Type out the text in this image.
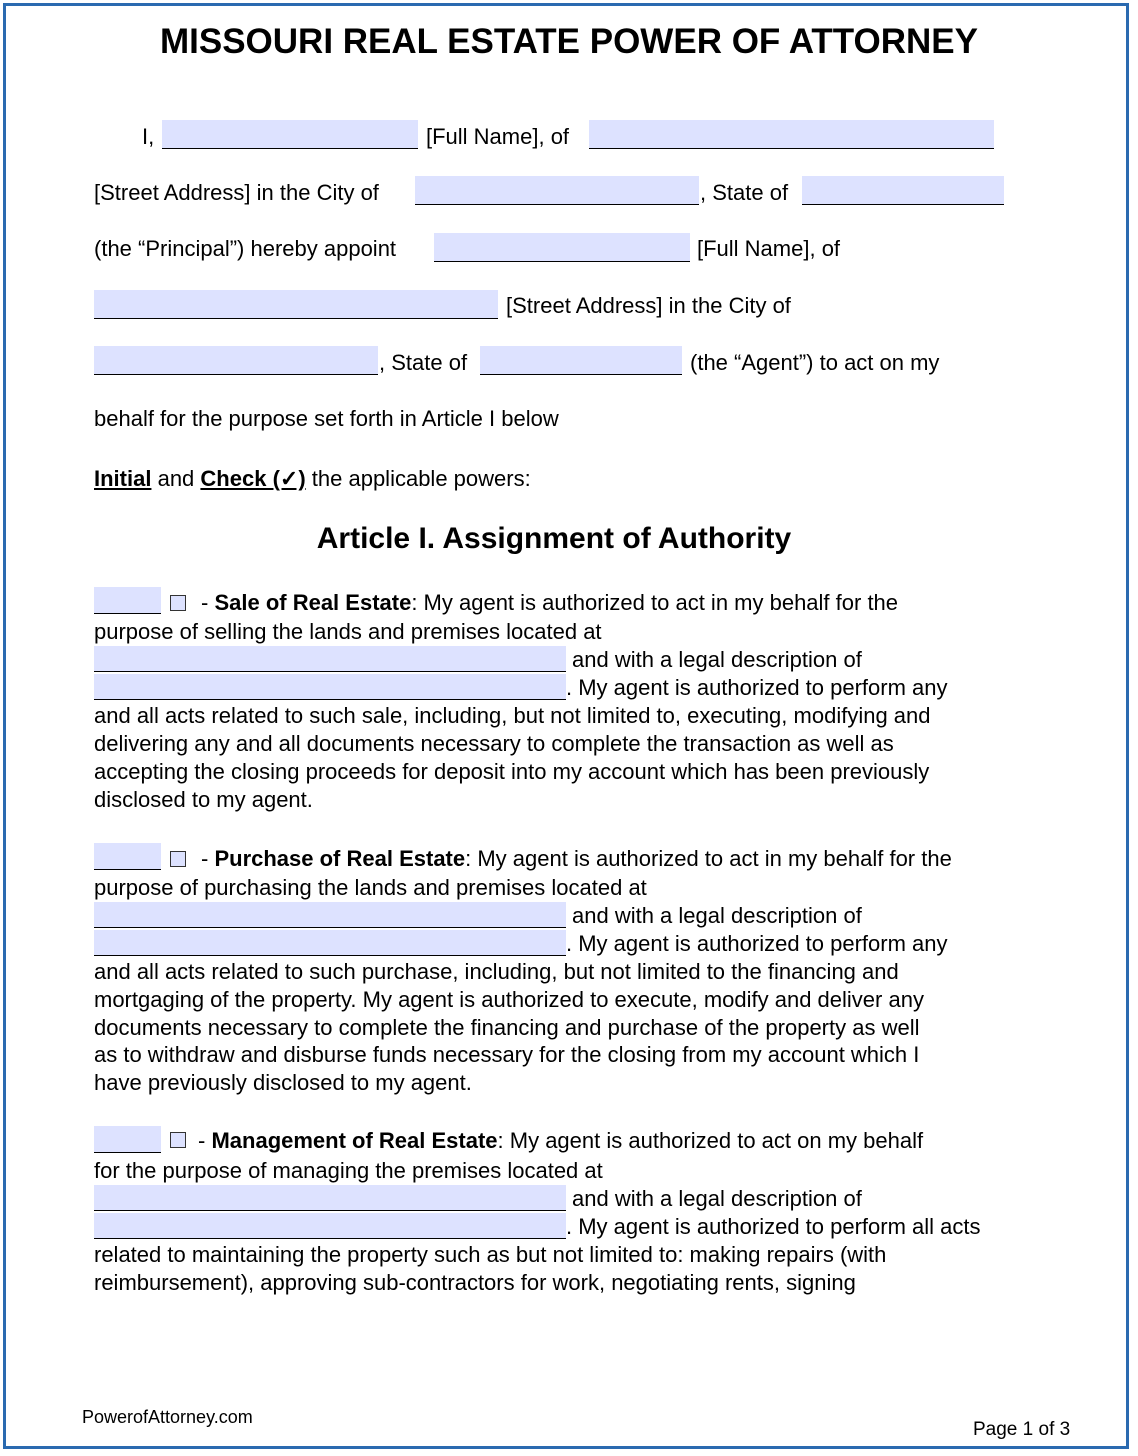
MISSOURI REAL ESTATE POWER OF ATTORNEY
I,	[Full Name], of
[Street Address] in the City of	, State of
(the “Principal”) hereby appoint	[Full Name], of
[Street Address] in the City of
, State of	(the “Agent”) to act on my
behalf for the purpose set forth in Article I below
Initial and Check (✓) the applicable powers:
Article I. Assignment of Authority
- Sale of Real Estate: My agent is authorized to act in my behalf for the
purpose of selling the lands and premises located at
and with a legal description of
. My agent is authorized to perform any
and all acts related to such sale, including, but not limited to, executing, modifying and
delivering any and all documents necessary to complete the transaction as well as
accepting the closing proceeds for deposit into my account which has been previously
disclosed to my agent.
- Purchase of Real Estate: My agent is authorized to act in my behalf for the
purpose of purchasing the lands and premises located at
and with a legal description of
. My agent is authorized to perform any
and all acts related to such purchase, including, but not limited to the financing and
mortgaging of the property. My agent is authorized to execute, modify and deliver any
documents necessary to complete the financing and purchase of the property as well
as to withdraw and disburse funds necessary for the closing from my account which I
have previously disclosed to my agent.
- Management of Real Estate: My agent is authorized to act on my behalf
for the purpose of managing the premises located at
and with a legal description of
. My agent is authorized to perform all acts
related to maintaining the property such as but not limited to: making repairs (with
reimbursement), approving sub-contractors for work, negotiating rents, signing
PowerofAttorney.com
Page 1 of 3
